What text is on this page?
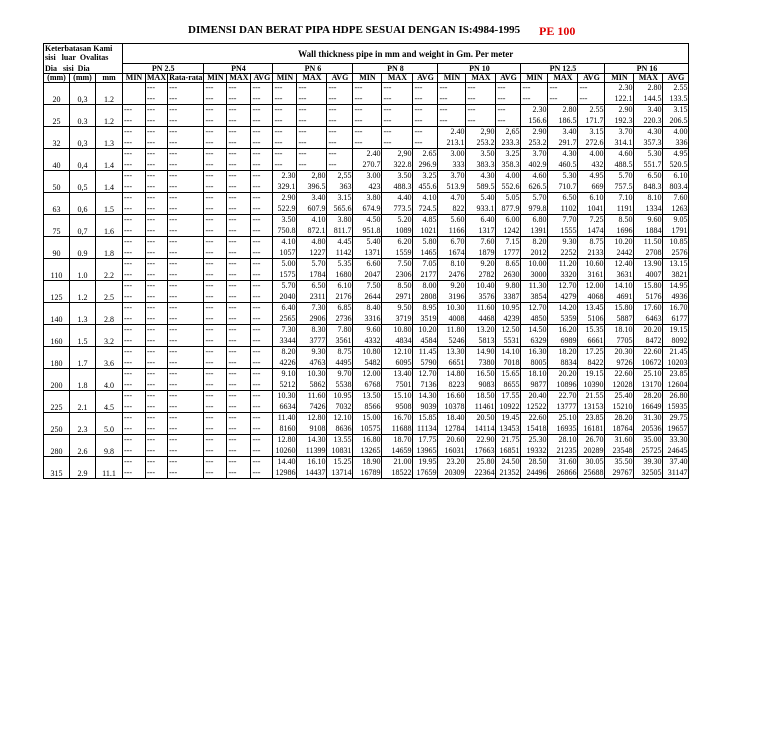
DIMENSI DAN BERAT PIPA HDPE SESUAI DENGAN IS:4984-1995 PE 100
Keterbatasan Kami
sisi luar Ovalitas			Wall thickness pipe in mm and weight in Gm. Per meter																				
Dia sisi Dia			PN 2.5			PN4			PN 6			PN 8			PN 10			PN 12.5			PN 16		
(mm)	(mm)	mm	MIN	MAX	Rata-rata	MIN	MAX	AVG	MIN	MAX	AVG	MIN	MAX	AVG	MIN	MAX	AVG	MIN	MAX	AVG	MIN	MAX	AVG
20	0,3	1.2		---	---	---	---	---	---	---	---	---	---	---	---	---	---	---	---	---	2.30	2.80	2.55
				---	---	---	---	---	---	---	---	---	---	---	---	---	---	---	---	---	122.1	144.5	133.5
25	0.3	1.2	---	---	---	---	---	---	---	---	---	---	---	---	---	---	---	2.30	2.80	2.55	2.90	3.40	3.15
			---	---	---	---	---	---	---	---	---	---	---	---	---	---	---	156.6	186.5	171.7	192.3	220.3	206.5
32	0,3	1.3	---	---	---	---	---	---	---	---	---	---	---	---	2.40	2,90	2,65	2.90	3.40	3.15	3.70	4.30	4.00
			---	---	---	---	---	---	---	---	---	---	---	---	213.1	253.2	233.3	253.2	291.7	272.6	314.1	357.3	336
40	0,4	1.4	---	---	---	---	---	---	---	---	---	2.40	2,90	2.65	3.00	3.50	3.25	3.70	4.30	4.00	4.60	5.30	4.95
			---	---	---	---	---	---	---	---	---	270.7	322.8	296.9	333	383.3	358.3	402.9	460.5	432	488.5	551.7	520.5
50	0,5	1.4	---	---	---	---	---	---	2.30	2,80	2,55	3.00	3.50	3.25	3.70	4.30	4.00	4.60	5.30	4.95	5.70	6.50	6.10
			---	---	---	---	---	---	329.1	396.5	363	423	488.3	455.6	513.9	589.5	552.6	626.5	710.7	669	757.5	848.3	803.4
63	0,6	1.5	---	---	---	---	---	---	2.90	3.40	3.15	3.80	4.40	4.10	4.70	5.40	5.05	5.70	6.50	6.10	7.10	8.10	7.60
			---	---	---	---	---	---	522.9	607.9	565.6	674.9	773.5	724.5	822	933.1	877.9	979.8	1102	1041	1191	1334	1263
75	0,7	1.6	---	---	---	---	---	---	3.50	4.10	3.80	4.50	5.20	4.85	5.60	6.40	6.00	6.80	7.70	7.25	8.50	9.60	9.05
			---	---	---	---	---	---	750.8	872.1	811.7	951.8	1089	1021	1166	1317	1242	1391	1555	1474	1696	1884	1791
90	0.9	1.8	---	---	---	---	---	---	4.10	4.80	4.45	5.40	6.20	5.80	6.70	7.60	7.15	8.20	9.30	8.75	10.20	11.50	10.85
			---	---	---	---	---	---	1057	1227	1142	1371	1559	1465	1674	1879	1777	2012	2252	2133	2442	2708	2576
110	1.0	2.2	---	---	---	---	---	---	5.00	5.70	5.35	6.60	7.50	7.05	8.10	9.20	8.65	10.00	11.20	10.60	12.40	13.90	13.15
			---	---	---	---	---	---	1575	1784	1680	2047	2306	2177	2476	2782	2630	3000	3320	3161	3631	4007	3821
125	1.2	2.5	---	---	---	---	---	---	5.70	6.50	6.10	7.50	8.50	8.00	9.20	10.40	9.80	11.30	12.70	12.00	14.10	15.80	14.95
			---	---	---	---	---	---	2040	2311	2176	2644	2971	2808	3196	3576	3387	3854	4279	4068	4691	5176	4936
140	1.3	2.8	---	---	---	---	---	---	6.40	7.30	6.85	8.40	9.50	8.95	10.30	11.60	10.95	12.70	14.20	13.45	15.80	17.60	16.70
			---	---	---	---	---	---	2565	2906	2736	3316	3719	3519	4008	4468	4239	4850	5359	5106	5887	6463	6177
160	1.5	3.2	---	---	---	---	---	---	7.30	8.30	7.80	9.60	10.80	10.20	11.80	13.20	12.50	14.50	16.20	15.35	18.10	20.20	19.15
			---	---	---	---	---	---	3344	3777	3561	4332	4834	4584	5246	5813	5531	6329	6989	6661	7705	8472	8092
180	1.7	3.6	---	---	---	---	---	---	8.20	9.30	8.75	10.80	12.10	11.45	13.30	14.90	14.10	16.30	18.20	17.25	20.30	22.60	21.45
			---	---	---	---	---	---	4226	4763	4495	5482	6095	5790	6651	7380	7018	8005	8834	8422	9726	10672	10203
200	1.8	4.0	---	---	---	---	---	---	9.10	10.30	9.70	12.00	13.40	12.70	14.80	16.50	15.65	18.10	20.20	19.15	22.60	25.10	23.85
			---	---	---	---	---	---	5212	5862	5538	6768	7501	7136	8223	9083	8655	9877	10896	10390	12028	13170	12604
225	2.1	4.5	---	---	---	---	---	---	10.30	11.60	10.95	13.50	15.10	14.30	16.60	18.50	17.55	20.40	22.70	21.55	25.40	28.20	26.80
			---	---	---	---	---	---	6634	7426	7032	8566	9508	9039	10378	11461	10922	12522	13777	13153	15210	16649	15935
250	2.3	5.0	---	---	---	---	---	---	11.40	12.80	12.10	15.00	16.70	15.85	18.40	20.50	19.45	22.60	25.10	23.85	28.20	31.30	29.75
			---	---	---	---	---	---	8160	9108	8636	10575	11688	11134	12784	14114	13453	15418	16935	16181	18764	20536	19657
280	2.6	9.8	---	---	---	---	---	---	12.80	14.30	13.55	16.80	18.70	17.75	20.60	22.90	21.75	25.30	28.10	26.70	31.60	35.00	33.30
			---	---	---	---	---	---	10260	11399	10831	13265	14659	13965	16031	17663	16851	19332	21235	20289	23548	25725	24645
315	2.9	11.1	---	---	---	---	---	---	14.40	16.10	15.25	18.90	21.00	19.95	23.20	25.80	24.50	28.50	31.60	30.05	35.50	39.30	37.40
			---	---	---	---	---	---	12986	14437	13714	16789	18522	17659	20309	22364	21352	24496	26866	25688	29767	32505	31147
